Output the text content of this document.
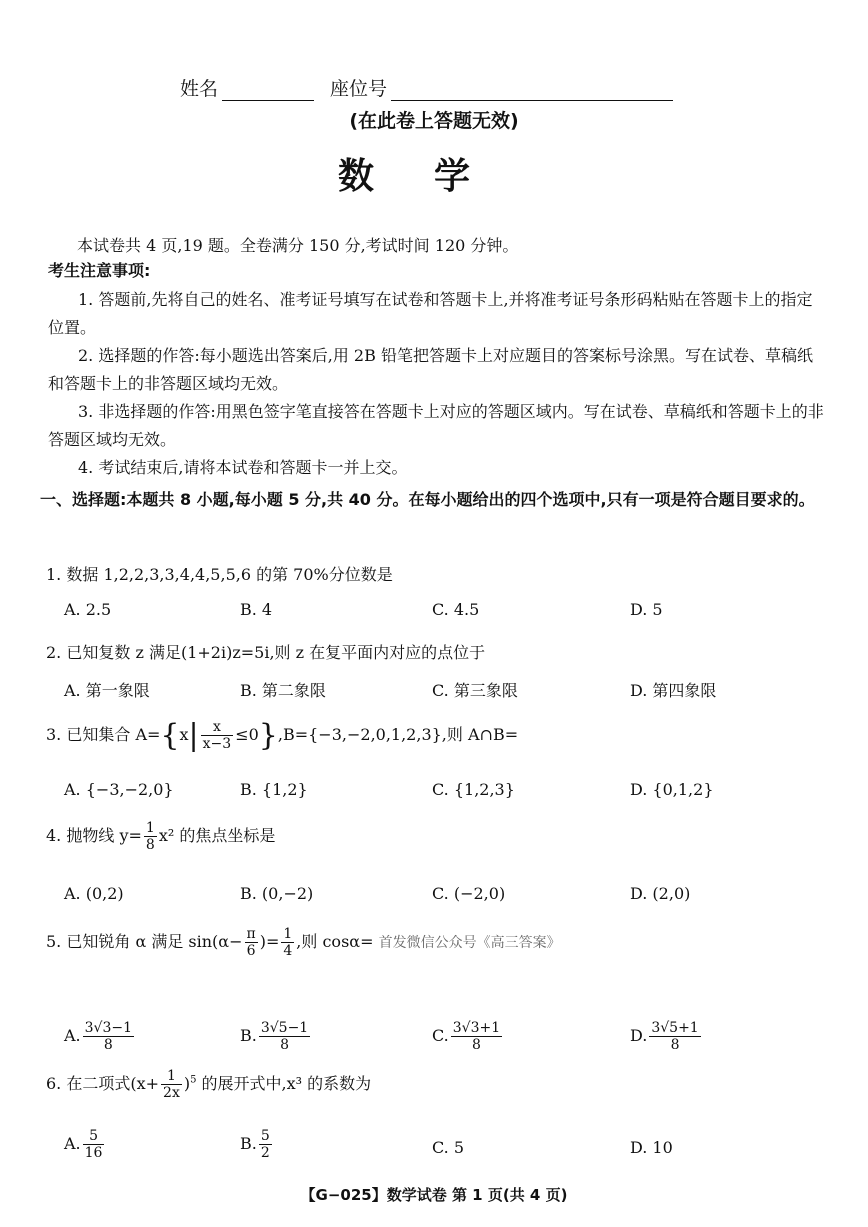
姓名	座位号
(在此卷上答题无效)
数学
本试卷共 4 页,19 题。全卷满分 150 分,考试时间 120 分钟。
考生注意事项:
1. 答题前,先将自己的姓名、准考证号填写在试卷和答题卡上,并将准考证号条形码粘贴在答题卡上的指定位置。
2. 选择题的作答:每小题选出答案后,用 2B 铅笔把答题卡上对应题目的答案标号涂黑。写在试卷、草稿纸和答题卡上的非答题区域均无效。
3. 非选择题的作答:用黑色签字笔直接答在答题卡上对应的答题区域内。写在试卷、草稿纸和答题卡上的非答题区域均无效。
4. 考试结束后,请将本试卷和答题卡一并上交。
一、选择题:本题共 8 小题,每小题 5 分,共 40 分。在每小题给出的四个选项中,只有一项是符合题目要求的。
1. 数据 1,2,2,3,3,4,4,5,5,6 的第 70%分位数是
A. 2.5	B. 4	C. 4.5	D. 5
2. 已知复数 z 满足(1+2i)z=5i,则 z 在复平面内对应的点位于
A. 第一象限	B. 第二象限	C. 第三象限	D. 第四象限
3. 已知集合 $A=\{x| \frac{x}{x-3} \le 0\},B=\{-3,-2,0,1,2,3\}$,则 A∩B=
A. {−3,−2,0}	B. {1,2}	C. {1,2,3}	D. {0,1,2}
4. 抛物线 $y= \frac{1}{8} x^2$ 的焦点坐标是
A. (0,2)	B. (0,−2)	C. (−2,0)	D. (2,0)
5. 已知锐角 α 满足 $\sin(\alpha- \frac{\pi}{6}$ )= $\frac{1}{4}$ ,则 cosα= 首发微信公众号《高三答案》
A. $\frac{3√3-1}{8}$	B. $\frac{3√5-1}{8}$	C. $\frac{3√3+1}{8}$	D. $\frac{3√5+1}{8}$
6. 在二项式$(x+ \frac{1}{2x} )^5$ 的展开式中,x³ 的系数为
A. $\frac{5}{16}$	B. $\frac{5}{2}$	C. 5	D. 10
【G−025】数学试卷 第 1 页(共 4 页)
